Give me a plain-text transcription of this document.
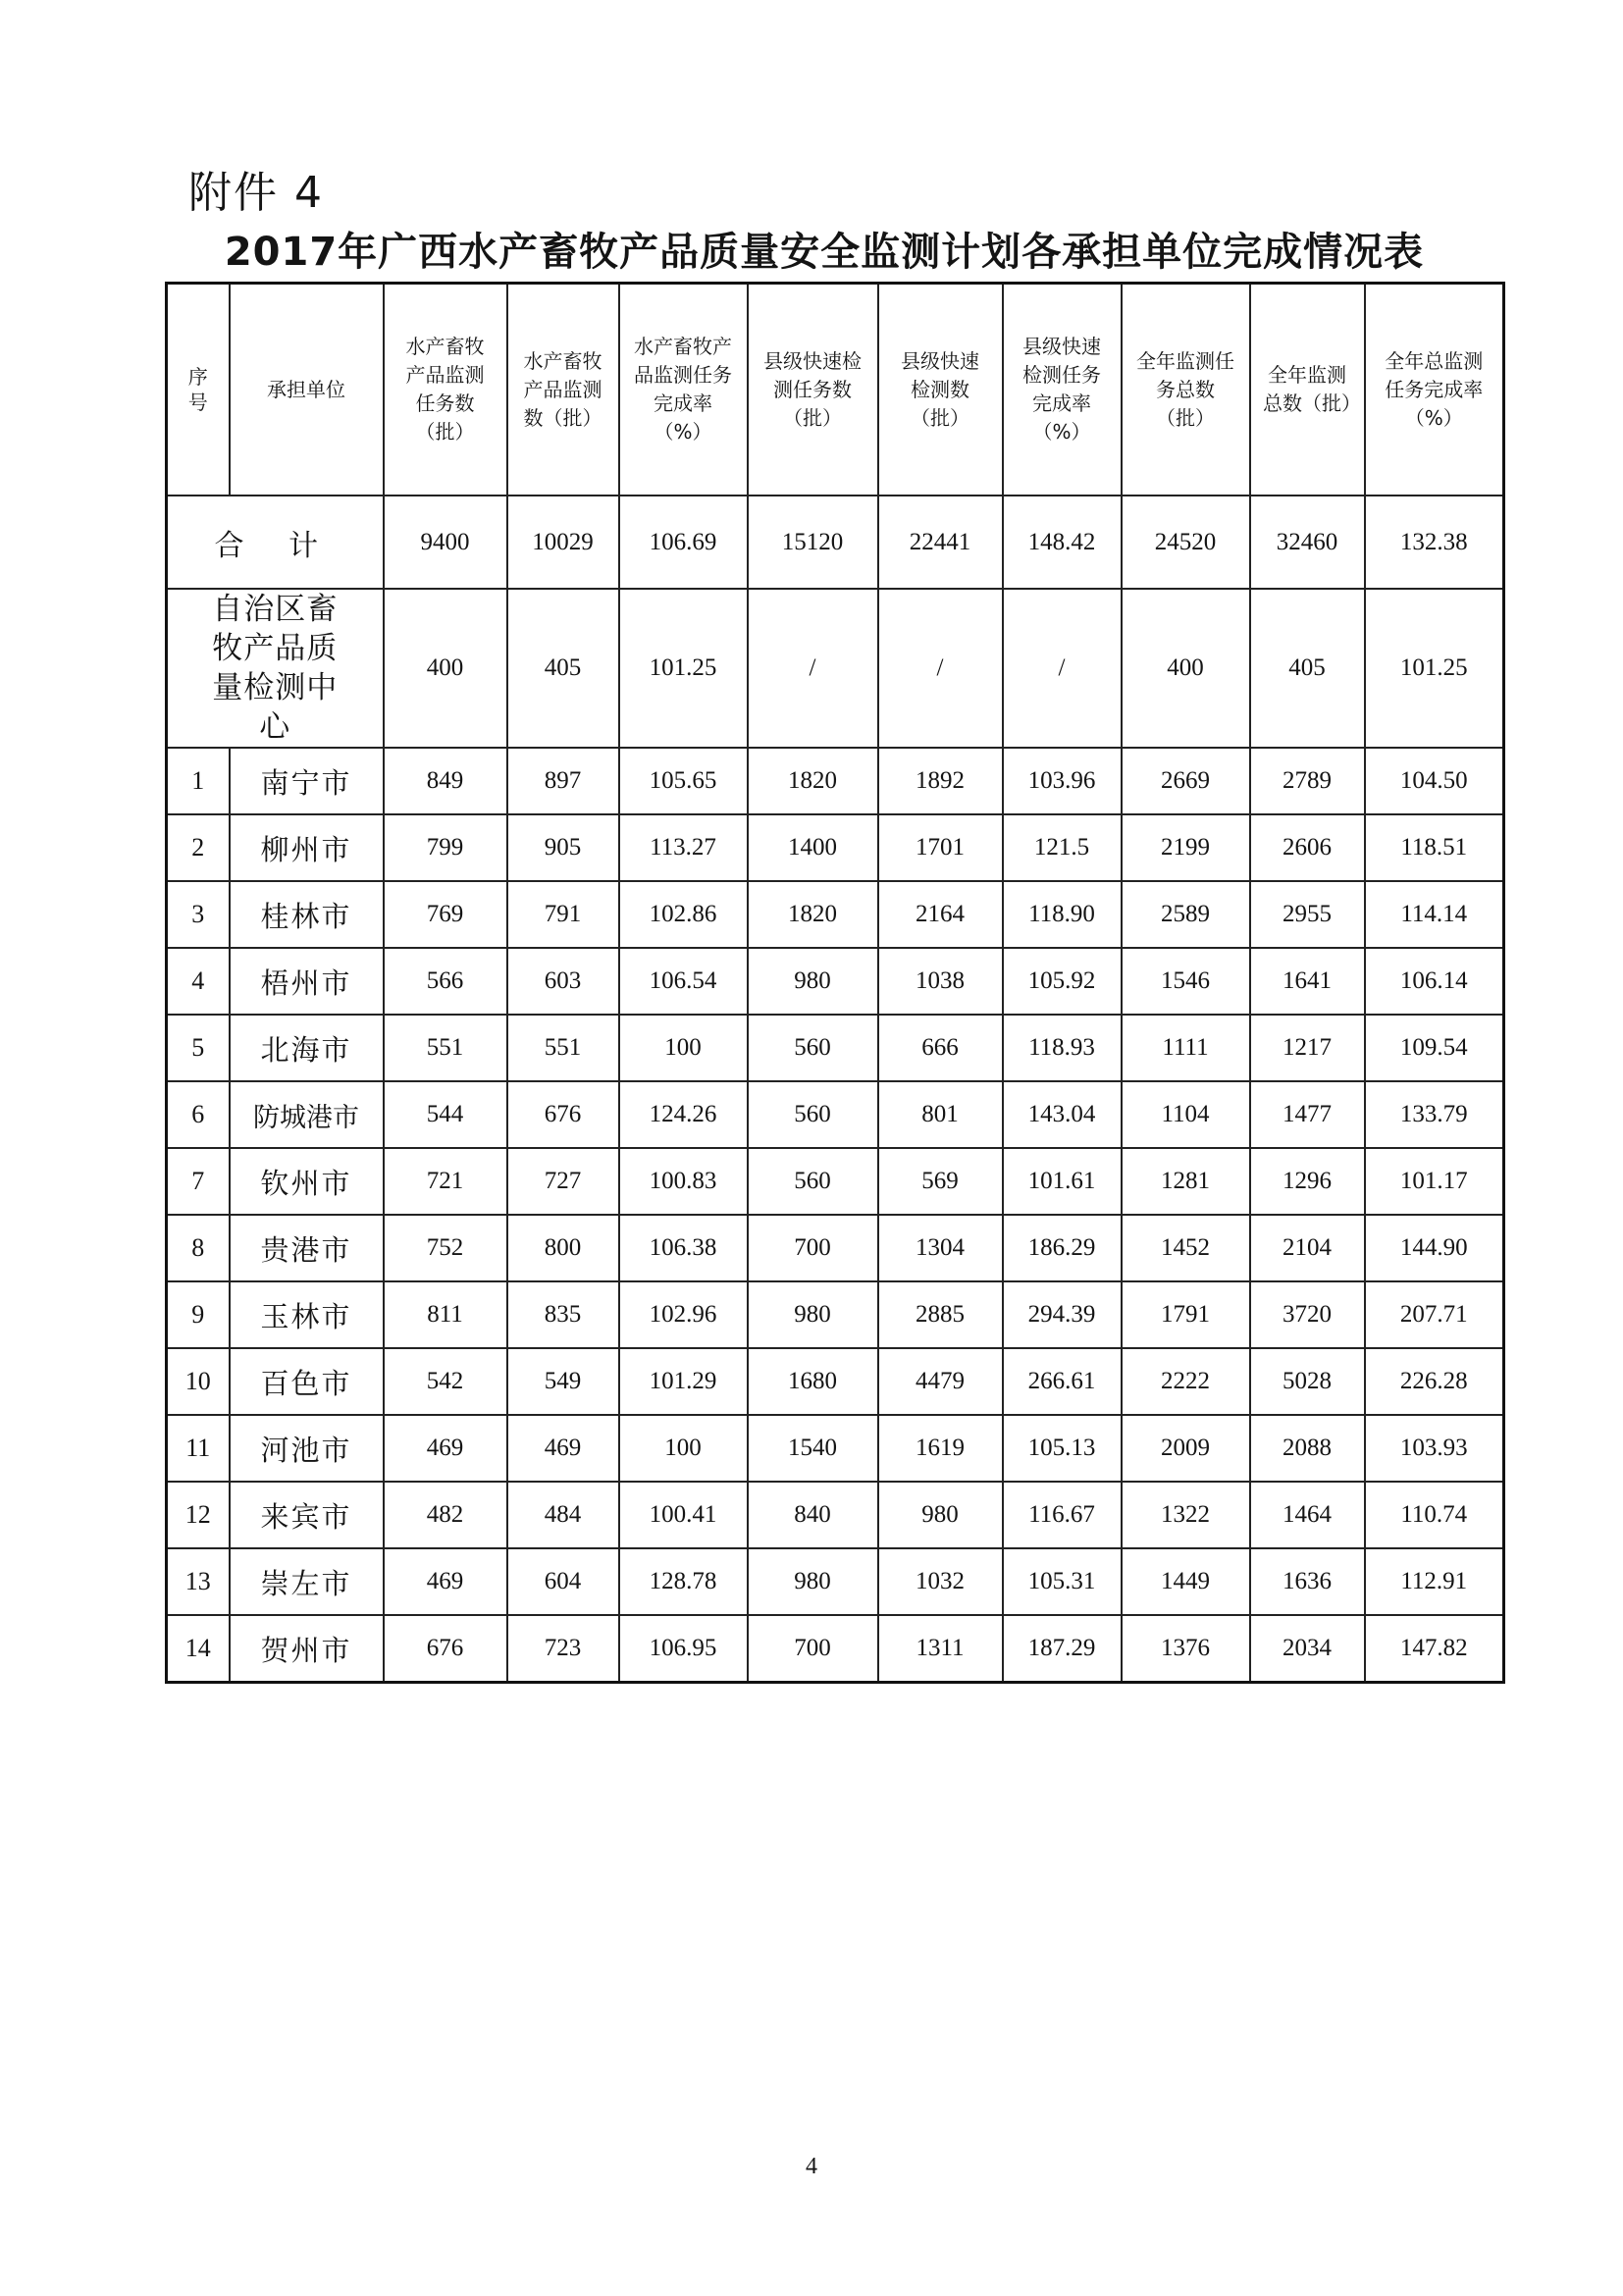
附件 4
2017年广西水产畜牧产品质量安全监测计划各承担单位完成情况表
序号	承担单位	水产畜牧产品监测任务数（批）	水产畜牧产品监测数（批）	水产畜牧产品监测任务完成率（%）	县级快速检测任务数（批）	县级快速检测数（批）	县级快速检测任务完成率（%）	全年监测任务总数（批）	全年监测总数（批）	全年总监测任务完成率（%）
合 计		9400	10029	106.69	15120	22441	148.42	24520	32460	132.38
自治区畜牧产品质量检测中心		400	405	101.25	/	/	/	400	405	101.25
1	南宁市	849	897	105.65	1820	1892	103.96	2669	2789	104.50
2	柳州市	799	905	113.27	1400	1701	121.5	2199	2606	118.51
3	桂林市	769	791	102.86	1820	2164	118.90	2589	2955	114.14
4	梧州市	566	603	106.54	980	1038	105.92	1546	1641	106.14
5	北海市	551	551	100	560	666	118.93	1111	1217	109.54
6	防城港市	544	676	124.26	560	801	143.04	1104	1477	133.79
7	钦州市	721	727	100.83	560	569	101.61	1281	1296	101.17
8	贵港市	752	800	106.38	700	1304	186.29	1452	2104	144.90
9	玉林市	811	835	102.96	980	2885	294.39	1791	3720	207.71
10	百色市	542	549	101.29	1680	4479	266.61	2222	5028	226.28
11	河池市	469	469	100	1540	1619	105.13	2009	2088	103.93
12	来宾市	482	484	100.41	840	980	116.67	1322	1464	110.74
13	崇左市	469	604	128.78	980	1032	105.31	1449	1636	112.91
14	贺州市	676	723	106.95	700	1311	187.29	1376	2034	147.82
4
